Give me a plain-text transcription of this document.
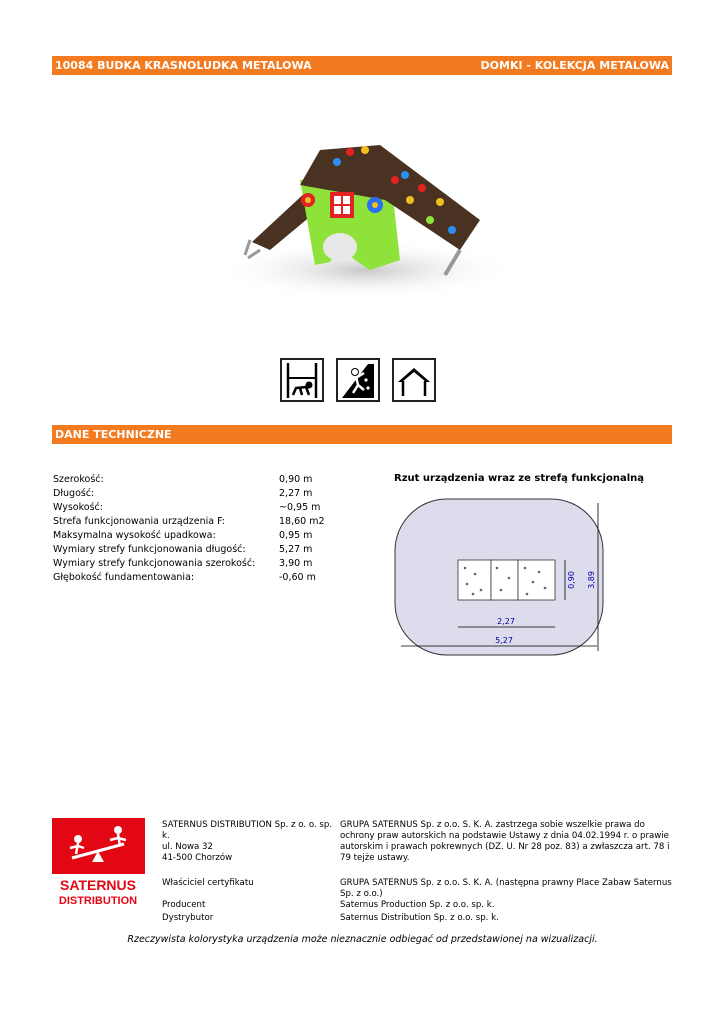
10084 BUDKA KRASNOLUDKA METALOWA	DOMKI - KOLEKCJA METALOWA
DANE TECHNICZNE
Szerokość:	0,90 m
Długość:	2,27 m
Wysokość:	~0,95 m
Strefa funkcjonowania urządzenia F:	18,60 m2
Maksymalna wysokość upadkowa:	0,95 m
Wymiary strefy funkcjonowania długość:	5,27 m
Wymiary strefy funkcjonowania szerokość: 3,90 m
Głębokość fundamentowania:	-0,60 m
Rzut urządzenia wraz ze strefą funkcjonalną
2,27
5,27
0,90 3,89
SATERNUS
DISTRIBUTION
SATERNUS DISTRIBUTION Sp. z o. o. sp. k.
ul. Nowa 32
41-500 Chorzów
GRUPA SATERNUS Sp. z o.o. S. K. A. zastrzega sobie wszelkie prawa do ochrony praw autorskich na podstawie Ustawy z dnia 04.02.1994 r. o prawie autorskim i prawach pokrewnych (DZ. U. Nr 28 poz. 83) a zwłaszcza art. 78 i 79 tejże ustawy.
Właściciel certyfikatu	GRUPA SATERNUS Sp. z o.o. S. K. A. (następna prawny Place Zabaw Saternus Sp. z o.o.)
Producent	Saternus Production Sp. z o.o. sp. k.
Dystrybutor	Saternus Distribution Sp. z o.o. sp. k.
Rzeczywista kolorystyka urządzenia może nieznacznie odbiegać od przedstawionej na wizualizacji.
